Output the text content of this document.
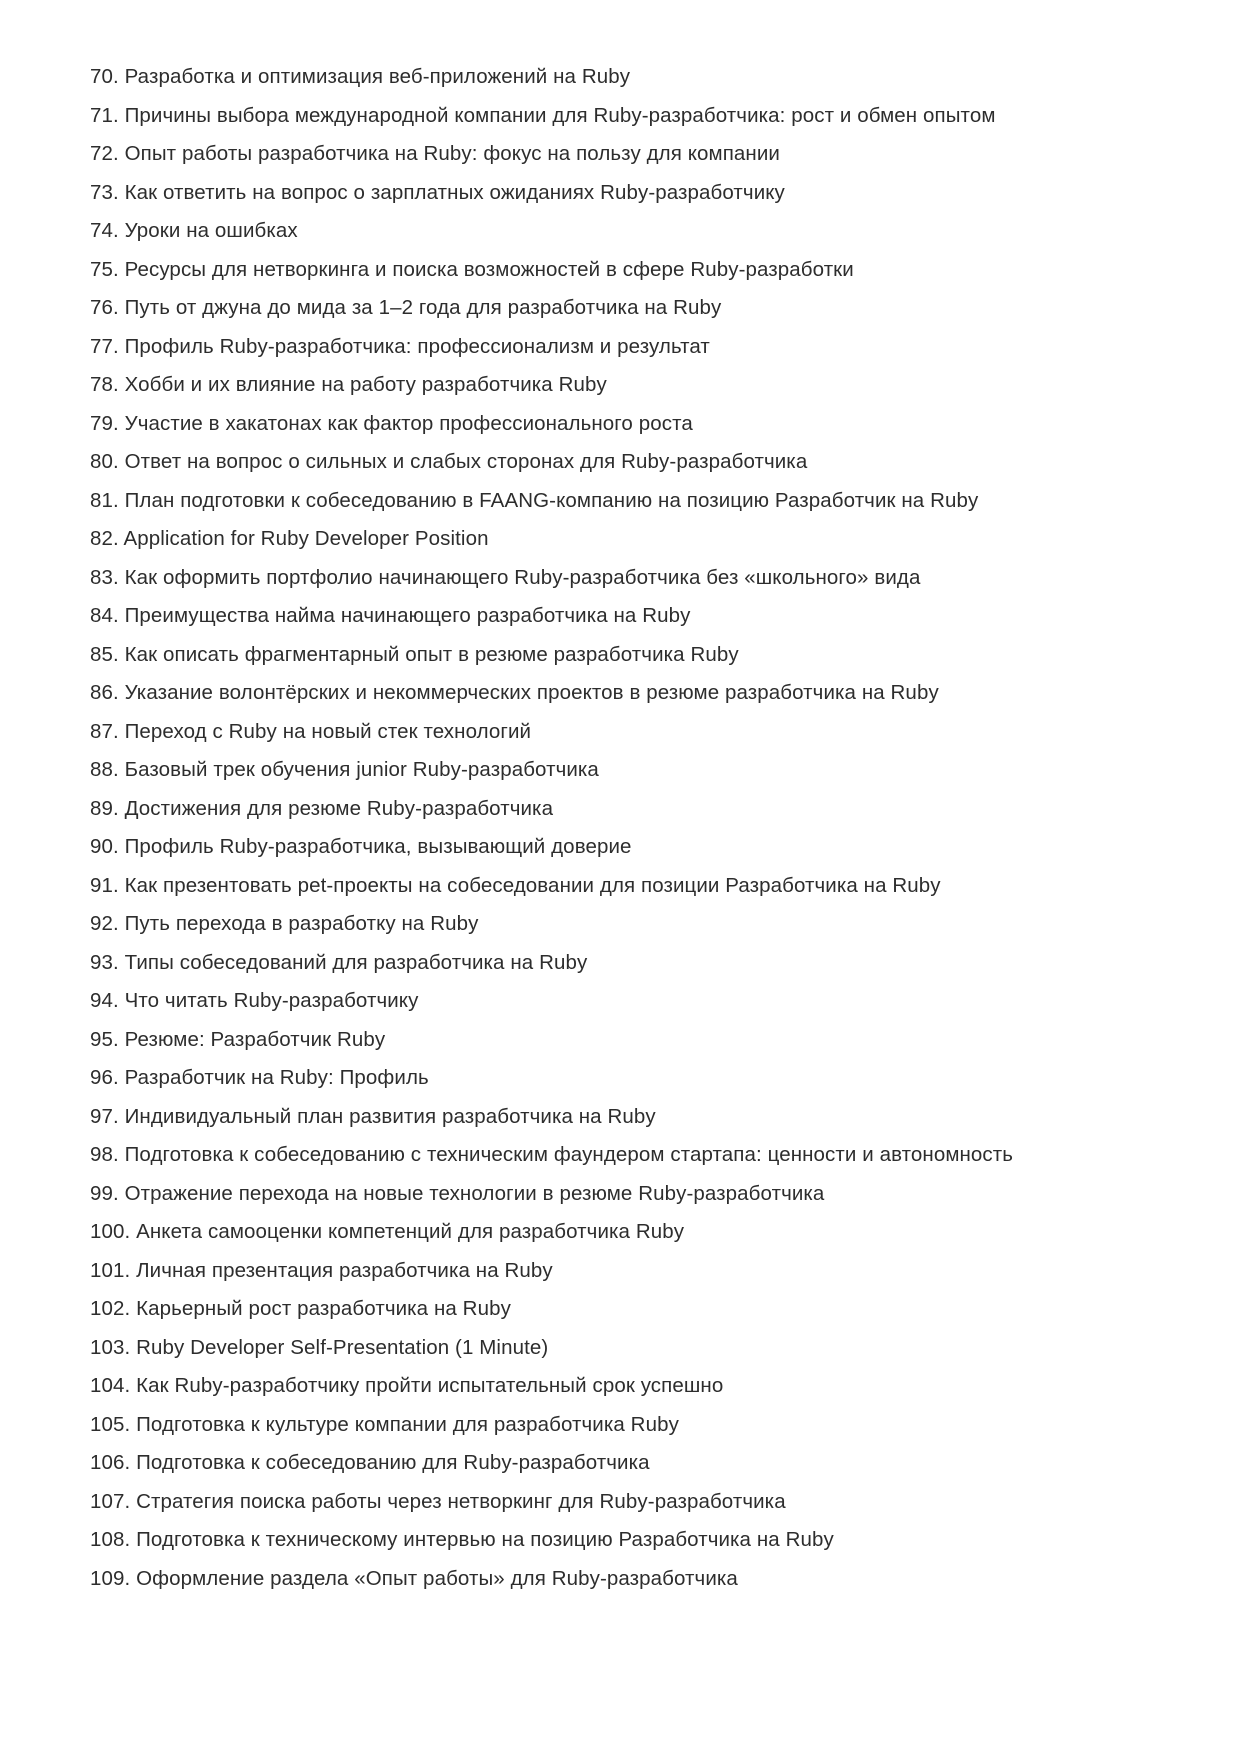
70. Разработка и оптимизация веб-приложений на Ruby
71. Причины выбора международной компании для Ruby-разработчика: рост и обмен опытом
72. Опыт работы разработчика на Ruby: фокус на пользу для компании
73. Как ответить на вопрос о зарплатных ожиданиях Ruby-разработчику
74. Уроки на ошибках
75. Ресурсы для нетворкинга и поиска возможностей в сфере Ruby-разработки
76. Путь от джуна до мида за 1–2 года для разработчика на Ruby
77. Профиль Ruby-разработчика: профессионализм и результат
78. Хобби и их влияние на работу разработчика Ruby
79. Участие в хакатонах как фактор профессионального роста
80. Ответ на вопрос о сильных и слабых сторонах для Ruby-разработчика
81. План подготовки к собеседованию в FAANG-компанию на позицию Разработчик на Ruby
82. Application for Ruby Developer Position
83. Как оформить портфолио начинающего Ruby-разработчика без «школьного» вида
84. Преимущества найма начинающего разработчика на Ruby
85. Как описать фрагментарный опыт в резюме разработчика Ruby
86. Указание волонтёрских и некоммерческих проектов в резюме разработчика на Ruby
87. Переход с Ruby на новый стек технологий
88. Базовый трек обучения junior Ruby-разработчика
89. Достижения для резюме Ruby-разработчика
90. Профиль Ruby-разработчика, вызывающий доверие
91. Как презентовать pet-проекты на собеседовании для позиции Разработчика на Ruby
92. Путь перехода в разработку на Ruby
93. Типы собеседований для разработчика на Ruby
94. Что читать Ruby-разработчику
95. Резюме: Разработчик Ruby
96. Разработчик на Ruby: Профиль
97. Индивидуальный план развития разработчика на Ruby
98. Подготовка к собеседованию с техническим фаундером стартапа: ценности и автономность
99. Отражение перехода на новые технологии в резюме Ruby-разработчика
100. Анкета самооценки компетенций для разработчика Ruby
101. Личная презентация разработчика на Ruby
102. Карьерный рост разработчика на Ruby
103. Ruby Developer Self-Presentation (1 Minute)
104. Как Ruby-разработчику пройти испытательный срок успешно
105. Подготовка к культуре компании для разработчика Ruby
106. Подготовка к собеседованию для Ruby-разработчика
107. Стратегия поиска работы через нетворкинг для Ruby-разработчика
108. Подготовка к техническому интервью на позицию Разработчика на Ruby
109. Оформление раздела «Опыт работы» для Ruby-разработчика
